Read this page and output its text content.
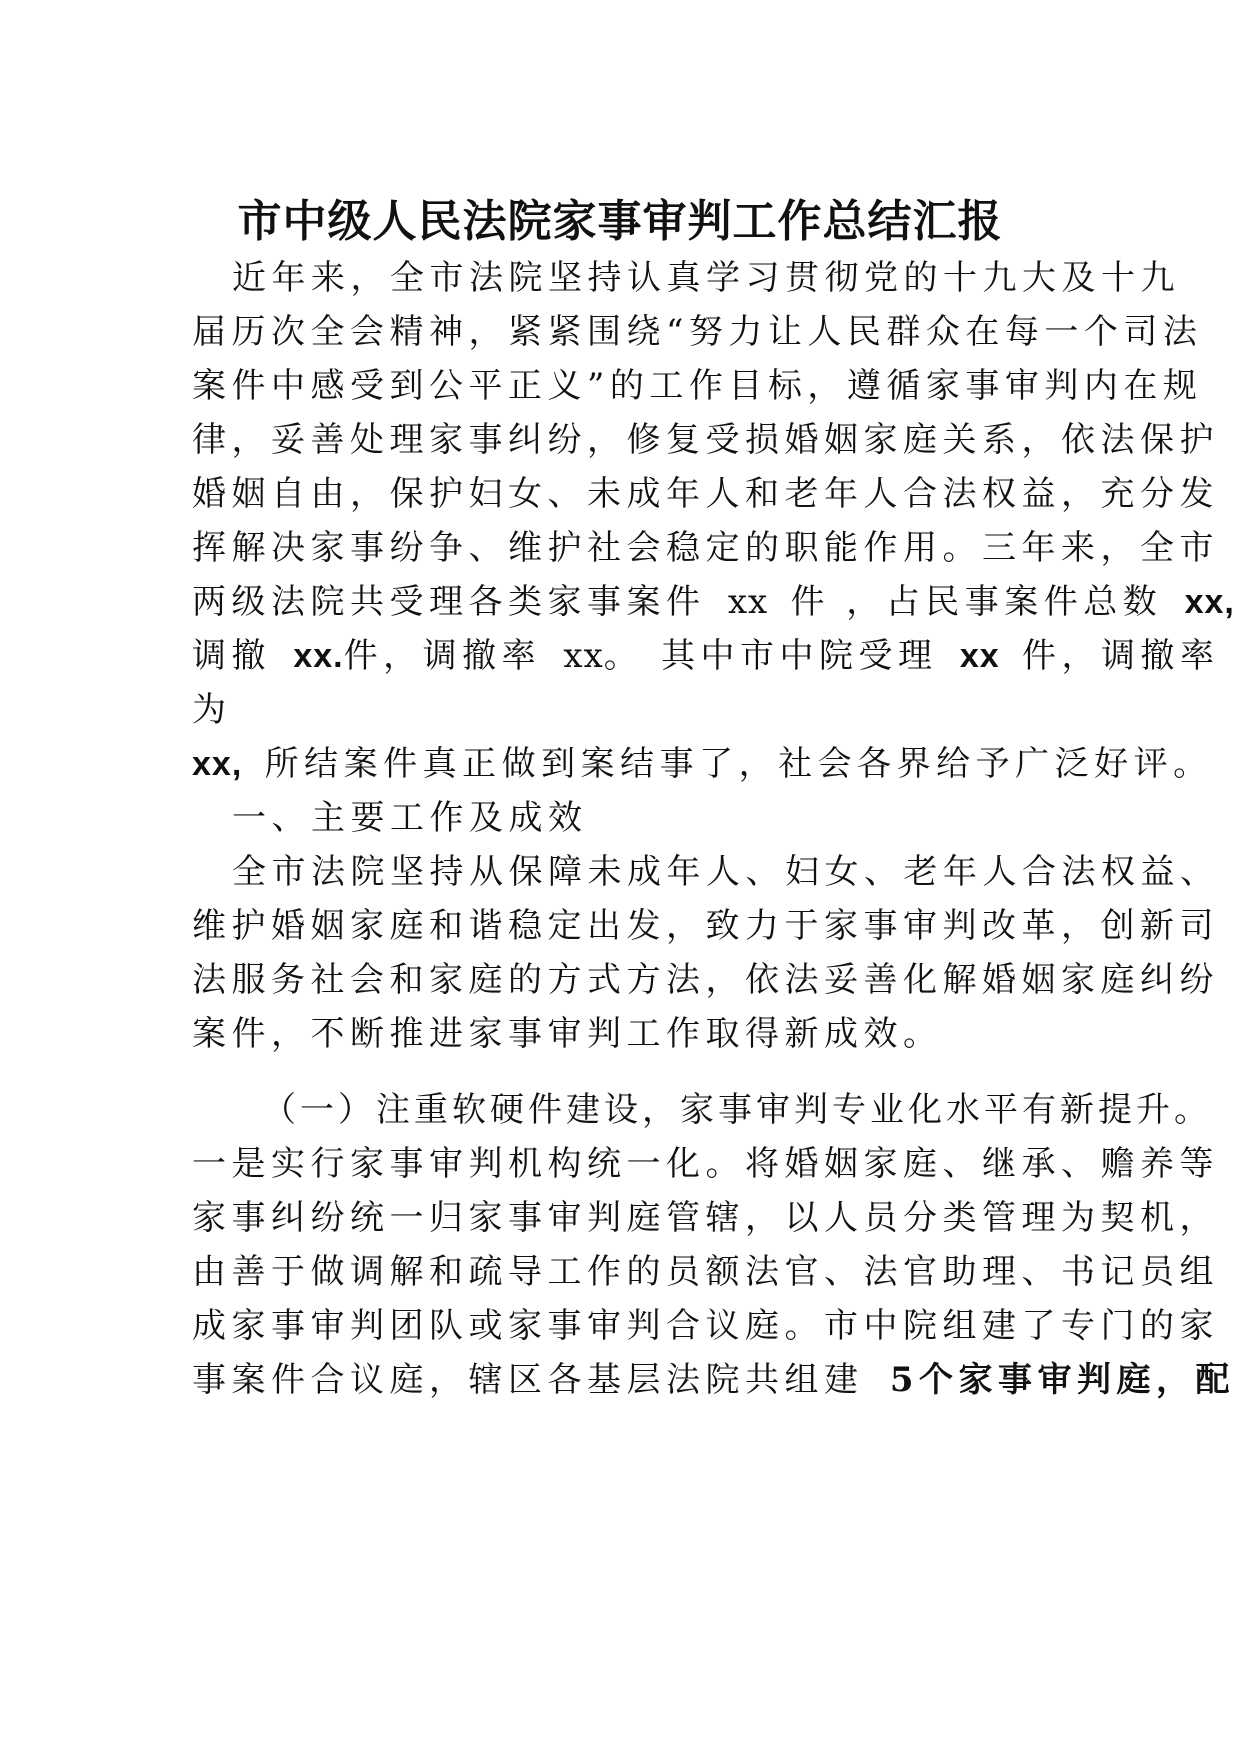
市中级人民法院家事审判工作总结汇报
近年来，全市法院坚持认真学习贯彻党的十九大及十九
届历次全会精神，紧紧围绕“努力让人民群众在每一个司法
案件中感受到公平正义”的工作目标，遵循家事审判内在规
律，妥善处理家事纠纷，修复受损婚姻家庭关系，依法保护
婚姻自由，保护妇女、未成年人和老年人合法权益，充分发
挥解决家事纷争、维护社会稳定的职能作用。三年来，全市
两级法院共受理各类家事案件 xx 件 ，占民事案件总数 xx,
调撤 xx.件，调撤率 xx。 其中市中院受理 xx 件，调撤率
为
xx, 所结案件真正做到案结事了，社会各界给予广泛好评。
一、主要工作及成效
全市法院坚持从保障未成年人、妇女、老年人合法权益、
维护婚姻家庭和谐稳定出发，致力于家事审判改革，创新司
法服务社会和家庭的方式方法，依法妥善化解婚姻家庭纠纷
案件，不断推进家事审判工作取得新成效。
（一）注重软硬件建设，家事审判专业化水平有新提升。
一是实行家事审判机构统一化。将婚姻家庭、继承、赡养等
家事纠纷统一归家事审判庭管辖，以人员分类管理为契机，
由善于做调解和疏导工作的员额法官、法官助理、书记员组
成家事审判团队或家事审判合议庭。市中院组建了专门的家
事案件合议庭，辖区各基层法院共组建 5个家事审判庭，配
